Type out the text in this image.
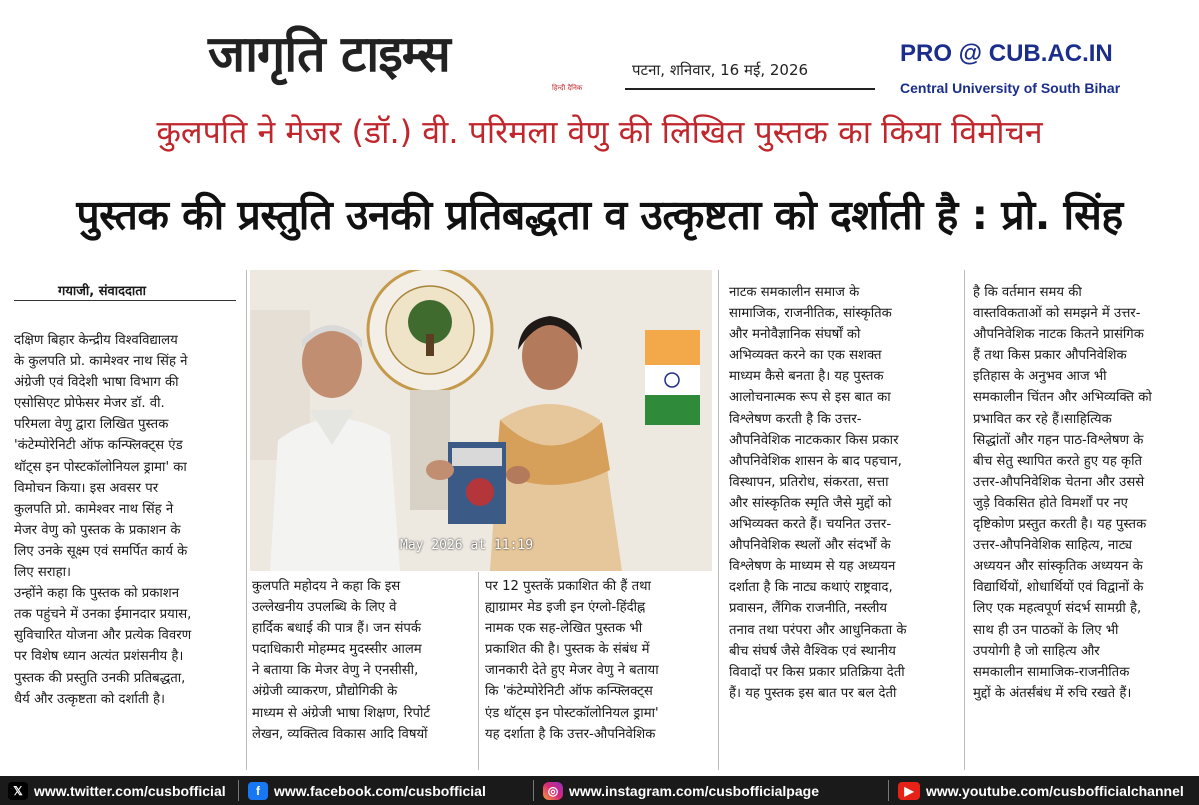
जागृति टाइम्स
हिन्दी दैनिक
पटना, शनिवार, 16 मई, 2026
PRO @ CUB.AC.IN
Central University of South Bihar
कुलपति ने मेजर (डॉ.) वी. परिमला वेणु की लिखित पुस्तक का किया विमोचन
पुस्तक की प्रस्तुति उनकी प्रतिबद्धता व उत्कृष्टता को दर्शाती है : प्रो. सिंह
गयाजी, संवाददाता
May 2026 at 11:19

दक्षिण बिहार केन्द्रीय विश्वविद्यालय

के कुलपति प्रो. कामेश्वर नाथ सिंह ने

अंग्रेजी एवं विदेशी भाषा विभाग की

एसोसिएट प्रोफेसर मेजर डॉ. वी.

परिमला वेणु द्वारा लिखित पुस्तक

'कंटेम्पोरेनिटी ऑफ कन्फ्लिक्ट्स एंड

थॉट्स इन पोस्टकॉलोनियल ड्रामा' का

विमोचन किया। इस अवसर पर

कुलपति प्रो. कामेश्वर नाथ सिंह ने

मेजर वेणु को पुस्तक के प्रकाशन के

लिए उनके सूक्ष्म एवं समर्पित कार्य के

लिए सराहा।

उन्होंने कहा कि पुस्तक को प्रकाशन

तक पहुंचने में उनका ईमानदार प्रयास,

सुविचारित योजना और प्रत्येक विवरण

पर विशेष ध्यान अत्यंत प्रशंसनीय है।

पुस्तक की प्रस्तुति उनकी प्रतिबद्धता,

धैर्य और उत्कृष्टता को दर्शाती है।

कुलपति महोदय ने कहा कि इस

उल्लेखनीय उपलब्धि के लिए वे

हार्दिक बधाई की पात्र हैं। जन संपर्क

पदाधिकारी मोहम्मद मुदस्सीर आलम

ने बताया कि मेजर वेणु ने एनसीसी,

अंग्रेजी व्याकरण, प्रौद्योगिकी के

माध्यम से अंग्रेजी भाषा शिक्षण, रिपोर्ट

लेखन, व्यक्तित्व विकास आदि विषयों

पर 12 पुस्तकें प्रकाशित की हैं तथा

ह्याग्रामर मेड इजी इन एंग्लो-हिंदीह्न

नामक एक सह-लेखित पुस्तक भी

प्रकाशित की है। पुस्तक के संबंध में

जानकारी देते हुए मेजर वेणु ने बताया

कि 'कंटेम्पोरेनिटी ऑफ कन्फ्लिक्ट्स

एंड थॉट्स इन पोस्टकॉलोनियल ड्रामा'

यह दर्शाता है कि उत्तर-औपनिवेशिक

नाटक समकालीन समाज के

सामाजिक, राजनीतिक, सांस्कृतिक

और मनोवैज्ञानिक संघर्षों को

अभिव्यक्त करने का एक सशक्त

माध्यम कैसे बनता है। यह पुस्तक

आलोचनात्मक रूप से इस बात का

विश्लेषण करती है कि उत्तर-

औपनिवेशिक नाटककार किस प्रकार

औपनिवेशिक शासन के बाद पहचान,

विस्थापन, प्रतिरोध, संकरता, सत्ता

और सांस्कृतिक स्मृति जैसे मुद्दों को

अभिव्यक्त करते हैं। चयनित उत्तर-

औपनिवेशिक स्थलों और संदर्भों के

विश्लेषण के माध्यम से यह अध्ययन

दर्शाता है कि नाट्य कथाएं राष्ट्रवाद,

प्रवासन, लैंगिक राजनीति, नस्लीय

तनाव तथा परंपरा और आधुनिकता के

बीच संघर्ष जैसे वैश्विक एवं स्थानीय

विवादों पर किस प्रकार प्रतिक्रिया देती

हैं। यह पुस्तक इस बात पर बल देती

है कि वर्तमान समय की

वास्तविकताओं को समझने में उत्तर-

औपनिवेशिक नाटक कितने प्रासंगिक

हैं तथा किस प्रकार औपनिवेशिक

इतिहास के अनुभव आज भी

समकालीन चिंतन और अभिव्यक्ति को

प्रभावित कर रहे हैं।साहित्यिक

सिद्धांतों और गहन पाठ-विश्लेषण के

बीच सेतु स्थापित करते हुए यह कृति

उत्तर-औपनिवेशिक चेतना और उससे

जुड़े विकसित होते विमर्शों पर नए

दृष्टिकोण प्रस्तुत करती है। यह पुस्तक

उत्तर-औपनिवेशिक साहित्य, नाट्य

अध्ययन और सांस्कृतिक अध्ययन के

विद्यार्थियों, शोधार्थियों एवं विद्वानों के

लिए एक महत्वपूर्ण संदर्भ सामग्री है,

साथ ही उन पाठकों के लिए भी

उपयोगी है जो साहित्य और

समकालीन सामाजिक-राजनीतिक

मुद्दों के अंतर्संबंध में रुचि रखते हैं।

𝕏 www.twitter.com/cusbofficial	f	www.facebook.com/cusbofficial	◎ www.instagram.com/cusbofficialpage	▶ www.youtube.com/cusbofficialchannel
